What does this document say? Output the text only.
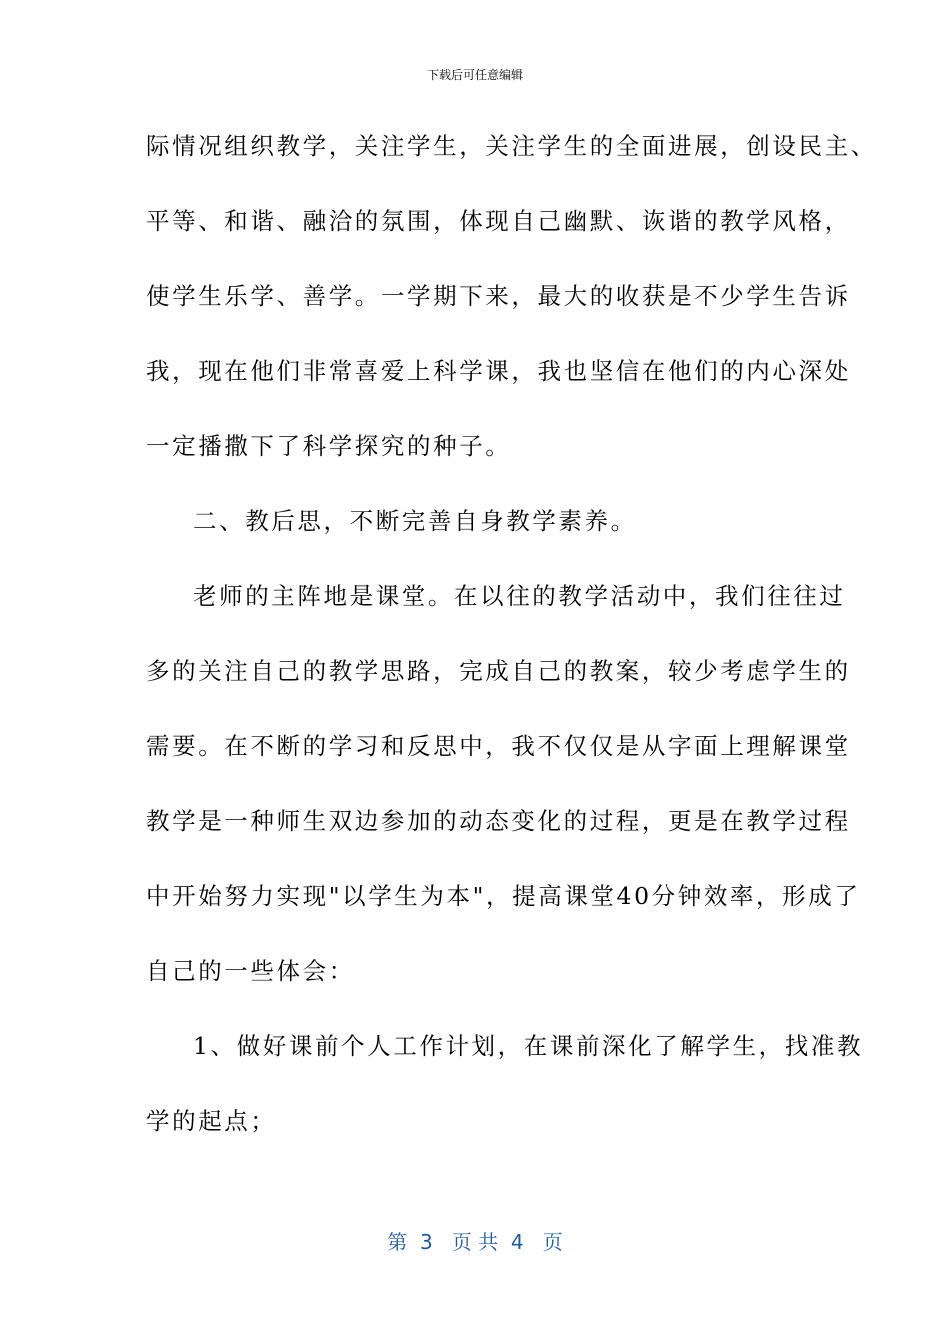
下载后可任意编辑
际情况组织教学，关注学生，关注学生的全面进展，创设民主、
平等、和谐、融洽的氛围，体现自己幽默、诙谐的教学风格，
使学生乐学、善学。一学期下来，最大的收获是不少学生告诉
我，现在他们非常喜爱上科学课，我也坚信在他们的内心深处
一定播撒下了科学探究的种子。
二、教后思，不断完善自身教学素养。
老师的主阵地是课堂。在以往的教学活动中，我们往往过
多的关注自己的教学思路，完成自己的教案，较少考虑学生的
需要。在不断的学习和反思中，我不仅仅是从字面上理解课堂
教学是一种师生双边参加的动态变化的过程，更是在教学过程
中开始努力实现"以学生为本"，提高课堂40分钟效率，形成了
自己的一些体会：
1、做好课前个人工作计划，在课前深化了解学生，找准教
学的起点；
第 3 页 共 4 页
